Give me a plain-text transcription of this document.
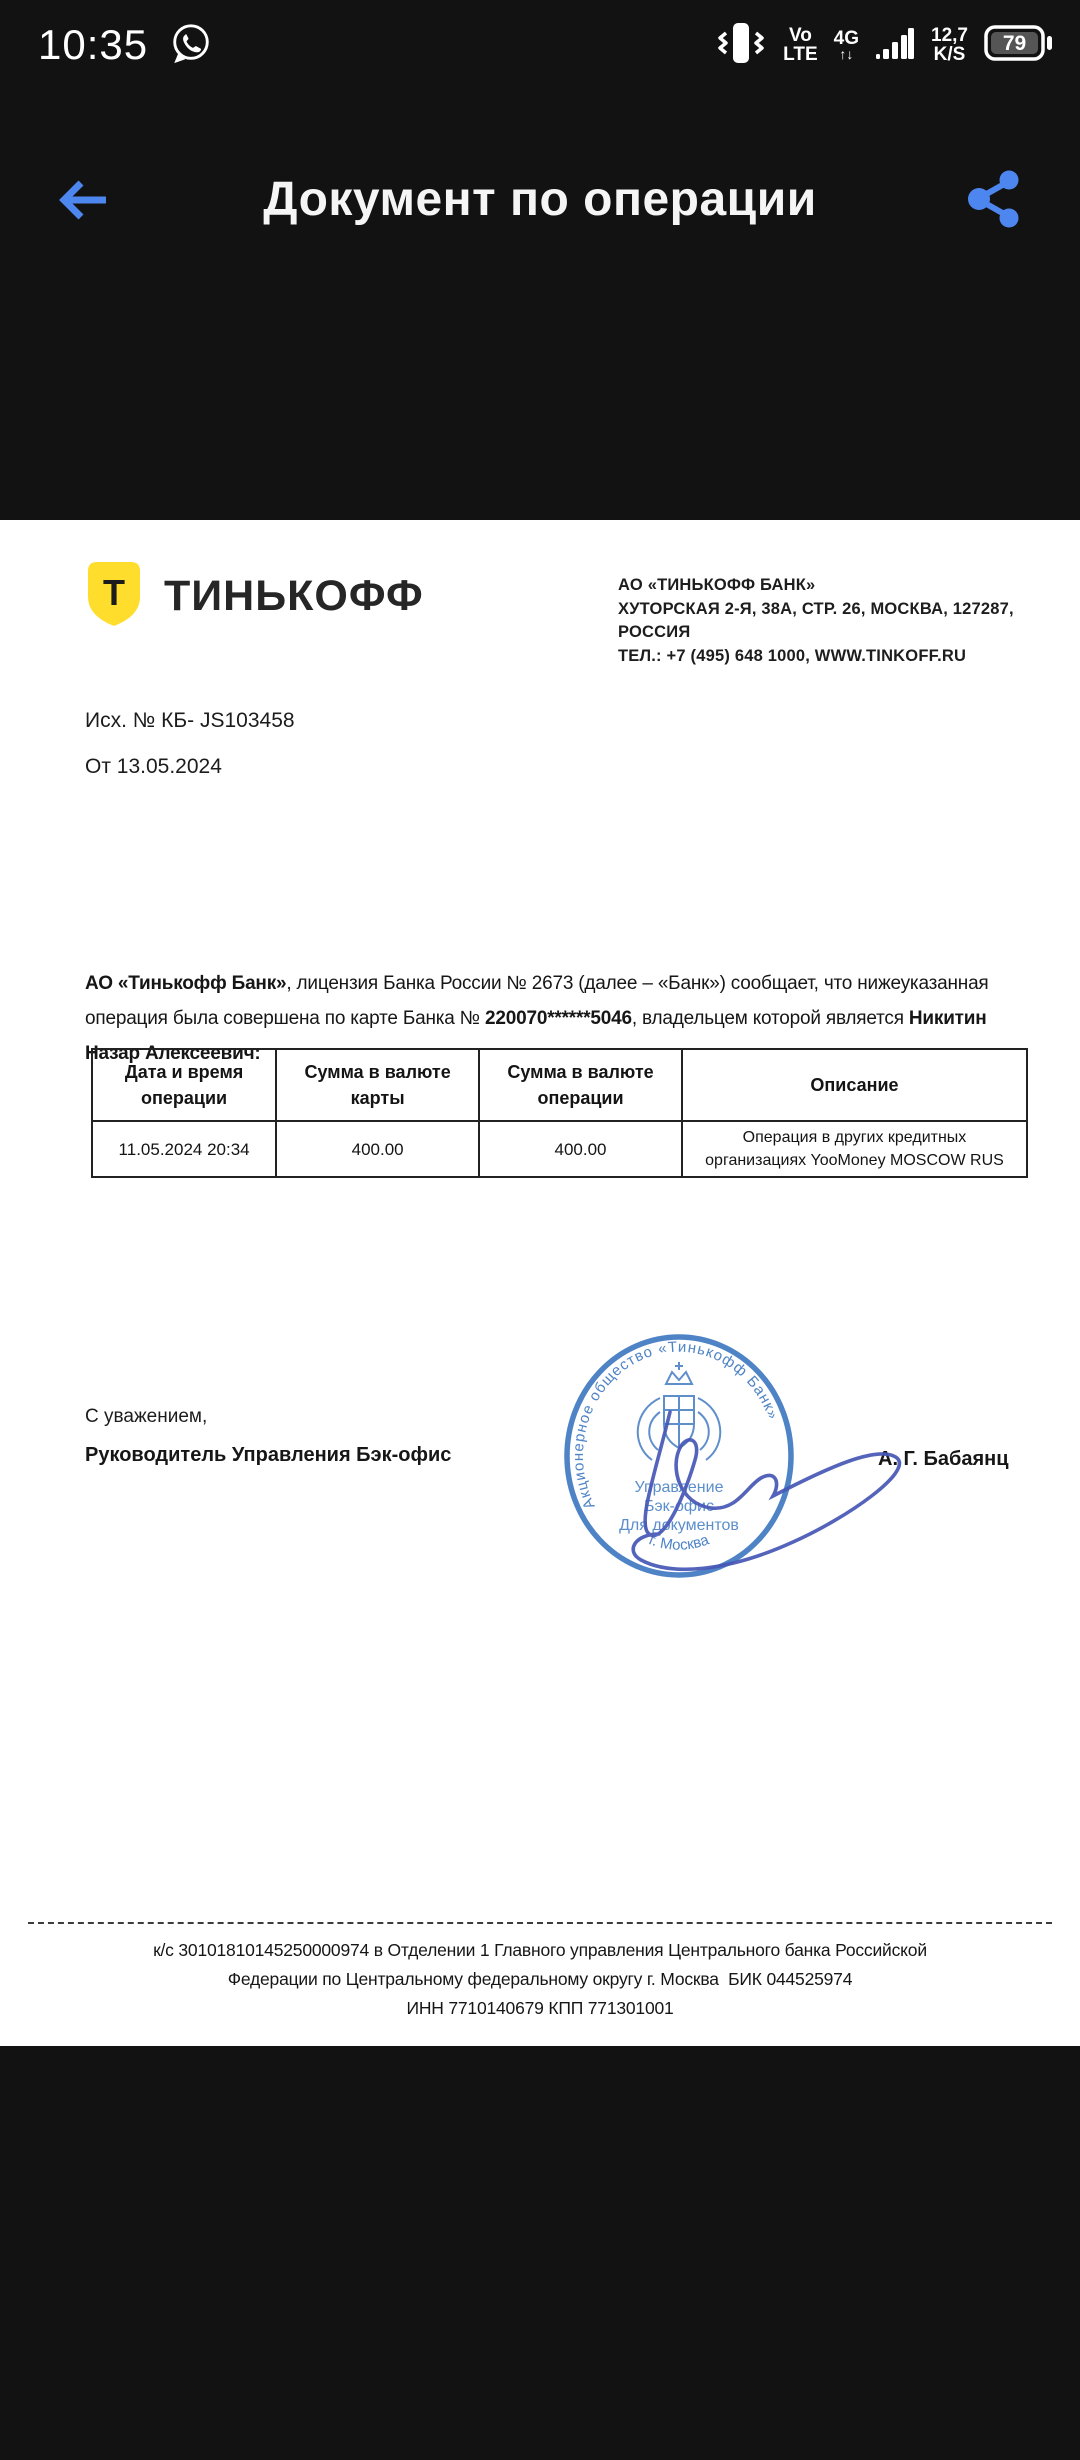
10:35	Vo
LTE
4G
↑↓
12,7
K/S 79
Документ по операции
Т ТИНЬКОФФ	АО «ТИНЬКОФФ БАНК»
ХУТОРСКАЯ 2-Я, 38А, СТР. 26, МОСКВА, 127287, РОССИЯ
ТЕЛ.: +7 (495) 648 1000, WWW.TINKOFF.RU
Исх. № КБ- JS103458
От 13.05.2024
АО «Тинькофф Банк», лицензия Банка России № 2673 (далее – «Банк») сообщает, что нижеуказанная операция была совершена по карте Банка № 220070******5046, владельцем которой является Никитин Назар Алексеевич:
Дата и время операции	Сумма в валюте карты	Сумма в валюте операции	Описание
11.05.2024 20:34	400.00	400.00	Операция в других кредитных организациях YooMoney MOSCOW RUS
С уважением,
Руководитель Управления Бэк-офис	А. Г. Бабаянц
Акционерное общество «Тинькофф Банк»
Управление
Бэк-офис
Для документов
г. Москва
к/с 30101810145250000974 в Отделении 1 Главного управления Центрального банка Российской
Федерации по Центральному федеральному округу г. Москва  БИК 044525974
ИНН 7710140679 КПП 771301001
